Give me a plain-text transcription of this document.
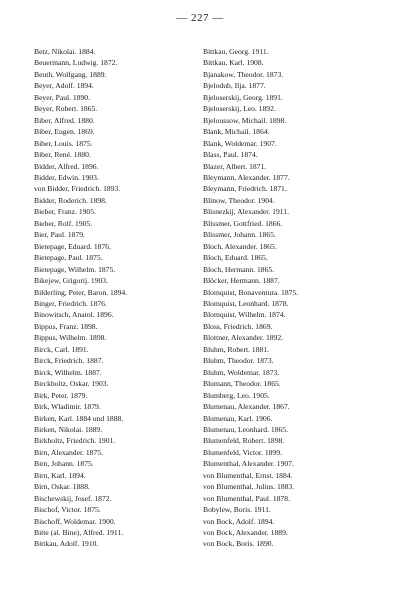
— 227 —
Betz, Nikolai. 1884.
Beuermann, Ludwig. 1872.
Beuth, Wolfgang. 1889.
Beyer, Adolf. 1894.
Beyer, Paul. 1890.
Beyer, Robert. 1865.
Biber, Alfred. 1880.
Biber, Eugen. 1869.
Biber, Louis. 1875.
Biber, René. 1880.
Bidder, Alfred. 1896.
Bidder, Edwin. 1903.
von Bidder, Friedrich. 1893.
Bidder, Roderich. 1898.
Bieber, Franz. 1905.
Bieber, Rolf. 1905.
Bier, Paul. 1879.
Bietepage, Eduard. 1876.
Bietepage, Paul. 1875.
Bietepage, Wilhelm. 1875.
Bikejew, Grigorij. 1903.
Bilderling, Peter, Baron. 1894.
Binger, Friedrich. 1876.
Binowitsch, Anatol. 1896.
Bippus, Franz. 1898.
Bippus, Wilhelm. 1898.
Birck, Carl. 1891.
Birck, Friedrich. 1887.
Birck, Wilhelm. 1887.
Birckholtz, Oskar. 1903.
Birk, Peter. 1879.
Birk, Wladimir. 1879.
Birken, Karl. 1884 und 1888.
Birken, Nikolai. 1889.
Birkholtz, Friedrich. 1901.
Birn, Alexander. 1875.
Birn, Johann. 1875.
Birn, Karl. 1894.
Birn, Oskar. 1888.
Bischewskij, Josef. 1872.
Bischof, Victor. 1875.
Bischoff, Woldemar. 1900.
Bitte (al. Bine), Alfred. 1911.
Bittkau, Adolf. 1910.
Bittkau, Georg. 1911.
Bittkau, Karl. 1908.
Bjanakow, Theodor. 1873.
Bjelodub, Ilja. 1877.
Bjeloserskij, Georg. 1891.
Bjeloserskij, Leo. 1892.
Bjeloussow, Michail. 1898.
Blank, Michail. 1864.
Blank, Woldemar. 1907.
Blass, Paul. 1874.
Blazer, Albert. 1871.
Bleymann, Alexander. 1877.
Bleymann, Friedrich. 1871.
Blinow, Theodor. 1904.
Blisnezkij, Alexander. 1911.
Blissmer, Gottfried. 1866.
Blissmer, Johann. 1865.
Bloch, Alexander. 1865.
Bloch, Eduard. 1865.
Bloch, Hermann. 1865.
Blöcker, Hermann. 1887.
Blomquist, Bonaventura. 1875.
Blomquist, Leonhard. 1878.
Blomquist, Wilhelm. 1874.
Bloss, Friedrich. 1869.
Blottner, Alexander. 1892.
Bluhm, Robert. 1881.
Bluhm, Theodor. 1873.
Bluhm, Woldemar. 1873.
Blumann, Theodor. 1865.
Blumberg, Leo. 1905.
Blumenau, Alexander. 1867.
Blumenau, Karl. 1906.
Blumenau, Leonhard. 1865.
Blumenfeld, Robert. 1898.
Blumenfeld, Victor. 1899.
Blumenthal, Alexander. 1907.
von Blumenthal, Ernst. 1884.
von Blumenthal, Julius. 1883.
von Blumenthal, Paul. 1878.
Bobylew, Boris. 1911.
von Bock, Adolf. 1894.
von Bock, Alexander. 1889.
von Bock, Boris. 1890.
